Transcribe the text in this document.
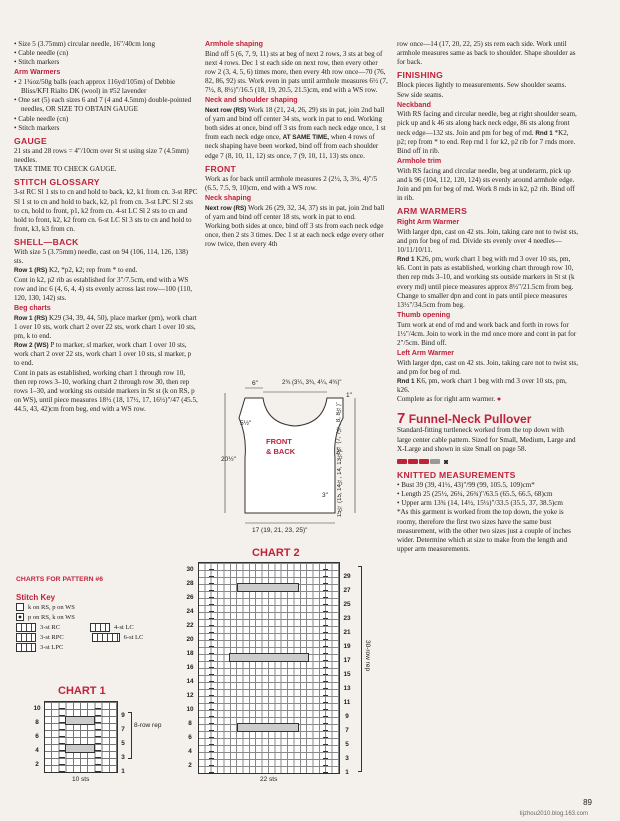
• Size 5 (3.75mm) circular needle, 16"/40cm long

• Cable needle (cn)

• Stitch markers

Arm Warmers

• 2 1¾oz/50g balls (each approx 116yd/105m) of Debbie Bliss/KFI Rialto DK (wool) in #52 lavender

• One set (5) each sizes 6 and 7 (4 and 4.5mm) double-pointed needles, OR SIZE TO OBTAIN GAUGE

• Cable needle (cn)

• Stitch markers

GAUGE

21 sts and 28 rows = 4"/10cm over St st using size 7 (4.5mm) needles.

TAKE TIME TO CHECK GAUGE.

STITCH GLOSSARY

3-st RC Sl 1 sts to cn and hold to back, k2, k1 from cn. 3-st RPC Sl 1 st to cn and hold to back, k2, p1 from cn. 3-st LPC Sl 2 sts to cn, hold to front, p1, k2 from cn. 4-st LC Sl 2 sts to cn and hold to front, k2, k2 from cn. 6-st LC Sl 3 sts to cn and hold to front, k3, k3 from cn.

SHELL—BACK

With size 5 (3.75mm) needle, cast on 94 (106, 114, 126, 138) sts.

Row 1 (RS) K2, *p2, k2; rep from * to end.

Cont in k2, p2 rib as established for 3"/7.5cm, end with a WS row and inc 6 (4, 6, 4, 4) sts evenly across last row—100 (110, 120, 130, 142) sts.

Beg charts

Row 1 (RS) K29 (34, 39, 44, 50), place marker (pm), work chart 1 over 10 sts, work chart 2 over 22 sts, work chart 1 over 10 sts, pm, k to end.

Row 2 (WS) P to marker, sl marker, work chart 1 over 10 sts, work chart 2 over 22 sts, work chart 1 over 10 sts, sl marker, p to end.

Cont in pats as established, working chart 1 through row 10, then rep rows 3–10, working chart 2 through row 30, then rep rows 1–30, and working sts outside markers in St st (k on RS, p on WS), until piece measures 18½ (18, 17½, 17, 16½)"/47 (45.5, 44.5, 43, 42)cm from beg, end with a WS row.

CHARTS FOR PATTERN #6

Stitch Key

k on RS, p on WS
p on RS, k on WS
3-st RC	4-st LC
3-st RPC	6-st LC
3-st LPC
CHART 1
10
8
6
4
2
9
7
5
3
1
8-row rep
10 sts

Armhole shaping

Bind off 5 (6, 7, 9, 11) sts at beg of next 2 rows, 3 sts at beg of next 4 rows. Dec 1 st each side on next row, then every other row 2 (3, 4, 5, 6) times more, then every 4th row once—70 (76, 82, 86, 92) sts. Work even in pats until armhole measures 6½ (7, 7½, 8, 8½)"/16.5 (18, 19, 20.5, 21.5)cm, end with a WS row.

Neck and shoulder shaping

Next row (RS) Work 18 (21, 24, 26, 29) sts in pat, join 2nd ball of yarn and bind off center 34 sts, work in pat to end. Working both sides at once, bind off 3 sts from each neck edge once, 1 st from each neck edge once, AT SAME TIME, when 4 rows of neck shaping have been worked, bind off from each shoulder edge 7 (8, 10, 11, 12) sts once, 7 (9, 10, 11, 13) sts once.

FRONT

Work as for back until armhole measures 2 (2½, 3, 3½, 4)"/5 (6.5, 7.5, 9, 10)cm, end with a WS row.

Neck shaping

Next row (RS) Work 26 (29, 32, 34, 37) sts in pat, join 2nd ball of yarn and bind off center 18 sts, work in pat to end.

Working both sides at once, bind off 3 sts from each neck edge once, then 2 sts 3 times. Dec 1 st at each neck edge every other row twice, then every 4th

6"	2¾ (3¼, 3¾, 4¼, 4¾)"
1"
5½"
20½"
6½ (7, 7½, 8, 8½)"
15½ (15, 14½, 14, 13½)"
3"
FRONT
& BACK
17 (19, 21, 23, 25)"
CHART 2
30
28
26
24
22
20
18
16
14
12
10
8
6
4
2
29
27
25
23
21
19
17
15
13
11
9
7
5
3
1
30-row rep
22 sts

row once—14 (17, 20, 22, 25) sts rem each side. Work until armhole measures same as back to shoulder. Shape shoulder as for back.

FINISHING

Block pieces lightly to measurements. Sew shoulder seams. Sew side seams.

Neckband

With RS facing and circular needle, beg at right shoulder seam, pick up and k 46 sts along back neck edge, 86 sts along front neck edge—132 sts. Join and pm for beg of rnd. Rnd 1 *K2, p2; rep from * to end. Rep rnd 1 for k2, p2 rib for 7 rnds more. Bind off in rib.

Armhole trim

With RS facing and circular needle, beg at underarm, pick up and k 96 (104, 112, 120, 124) sts evenly around armhole edge. Join and pm for beg of rnd. Work 8 rnds in k2, p2 rib. Bind off in rib.

ARM WARMERS

Right Arm Warmer

With larger dpn, cast on 42 sts. Join, taking care not to twist sts, and pm for beg of rnd. Divide sts evenly over 4 needles—10/11/10/11.

Rnd 1 K26, pm, work chart 1 beg with rnd 3 over 10 sts, pm, k6. Cont in pats as established, working chart through row 10, then rep rnds 3–10, and working sts outside markers in St st (k every rnd) until piece measures approx 8½"/21.5cm from beg. Change to smaller dpn and cont in pats until piece measures 13½"/34.5cm from beg.

Thumb opening

Turn work at end of rnd and work back and forth in rows for 1½"/4cm. Join to work in the rnd once more and cont in pat for 2"/5cm. Bind off.

Left Arm Warmer

With larger dpn, cast on 42 sts. Join, taking care not to twist sts, and pm for beg of rnd.

Rnd 1 K6, pm, work chart 1 beg with rnd 3 over 10 sts, pm, k26.

Complete as for right arm warmer. ●

7 Funnel-Neck Pullover

Standard-fitting turtleneck worked from the top down with large center cable pattern. Sized for Small, Medium, Large and X-Large and shown in size Small on page 58.

◙

KNITTED MEASUREMENTS

• Bust 39 (39, 41½, 43)"/99 (99, 105.5, 109)cm*

• Length 25 (25½, 26¼, 26¾)"/63.5 (65.5, 66.5, 68)cm

• Upper arm 13¾ (14, 14½, 15¼)"/33.5 (35.5, 37, 38.5)cm

*As this garment is worked from the top down, the yoke is roomy, therefore the first two sizes have the same bust measurement, with the other two sizes just a couple of inches wider. Determine which at size to make from the length and upper arm measurements.

89
tijzhou2010.blog.163.com
